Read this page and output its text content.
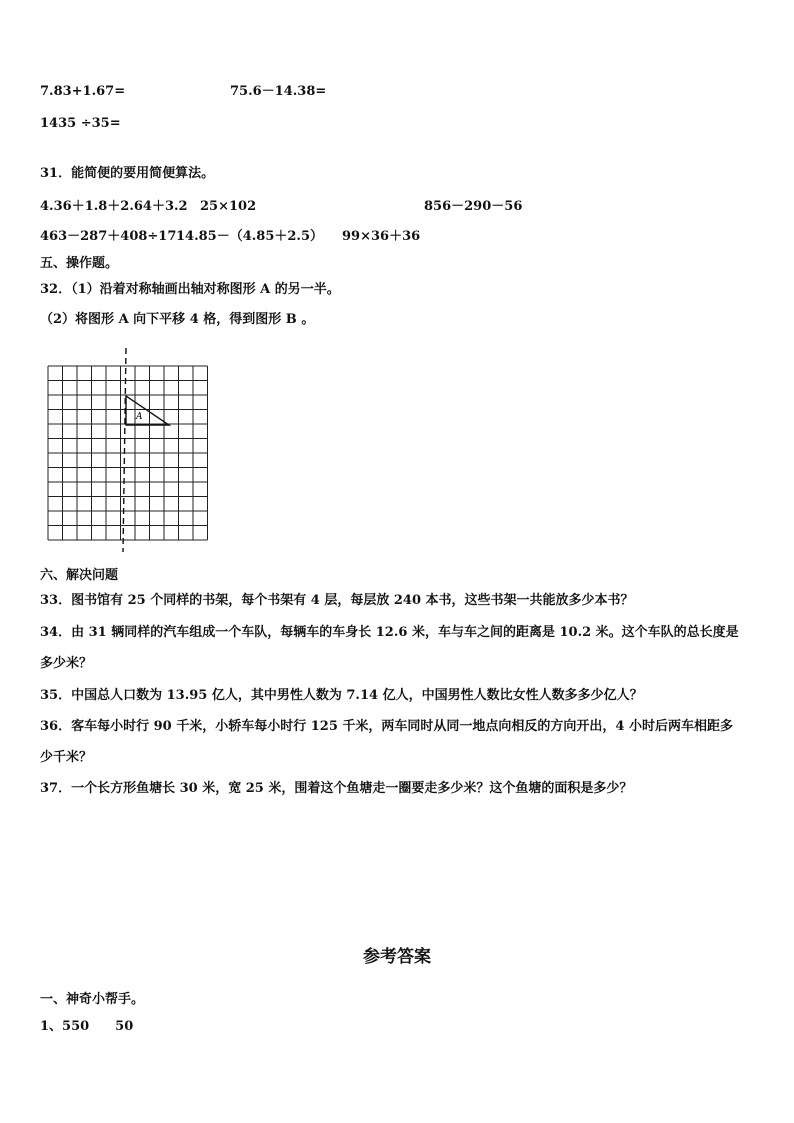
7.83+1.67=	75.6－14.38=
1435 ÷35=
31．能简便的要用简便算法。
4.36＋1.8＋2.64＋3.2 25×102	856－290－56
463－287＋408÷17 14.85－（4.85＋2.5） 99×36＋36
五、操作题。
32．（1）沿着对称轴画出轴对称图形 A 的另一半。
（2）将图形 A 向下平移 4 格，得到图形 B 。
A
六、解决问题
33．图书馆有 25 个同样的书架，每个书架有 4 层，每层放 240 本书，这些书架一共能放多少本书？
34．由 31 辆同样的汽车组成一个车队，每辆车的车身长 12.6 米，车与车之间的距离是 10.2 米。这个车队的总长度是
多少米？
35．中国总人口数为 13.95 亿人，其中男性人数为 7.14 亿人，中国男性人数比女性人数多多少亿人？
36．客车每小时行 90 千米，小轿车每小时行 125 千米，两车同时从同一地点向相反的方向开出，4 小时后两车相距多
少千米？
37．一个长方形鱼塘长 30 米，宽 25 米，围着这个鱼塘走一圈要走多少米？这个鱼塘的面积是多少？
参考答案
一、神奇小帮手。
1、550　　50
